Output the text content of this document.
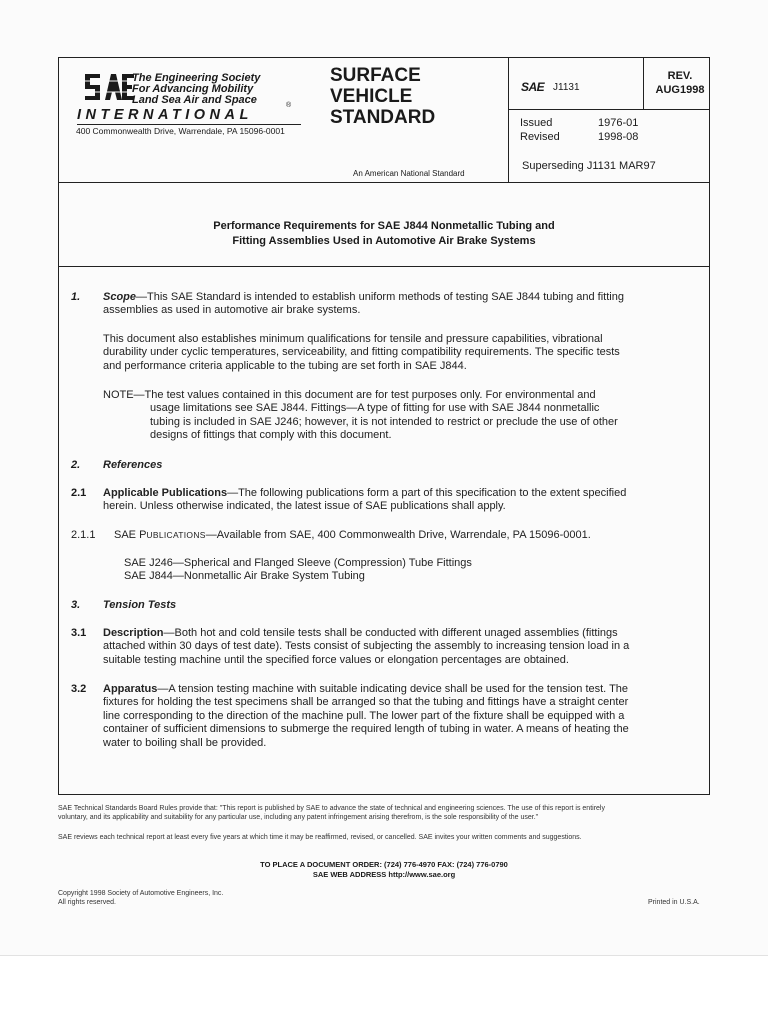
The Engineering Society
For Advancing Mobility
Land Sea Air and Space	®
INTERNATIONAL
400 Commonwealth Drive, Warrendale, PA 15096-0001
SURFACE
VEHICLE
STANDARD
An American National Standard
SAE J1131
REV.
AUG1998
Issued	1976-01
Revised	1998-08
Superseding J1131 MAR97
Performance Requirements for SAE J844 Nonmetallic Tubing and
Fitting Assemblies Used in Automotive Air Brake Systems
1. Scope—This SAE Standard is intended to establish uniform methods of testing SAE J844 tubing and fitting
assemblies as used in automotive air brake systems.
This document also establishes minimum qualifications for tensile and pressure capabilities, vibrational
durability under cyclic temperatures, serviceability, and fitting compatibility requirements. The specific tests
and performance criteria applicable to the tubing are set forth in SAE J844.
NOTE—The test values contained in this document are for test purposes only. For environmental and
usage limitations see SAE J844. Fittings—A type of fitting for use with SAE J844 nonmetallic
tubing is included in SAE J246; however, it is not intended to restrict or preclude the use of other
designs of fittings that comply with this document.
2. References
2.1 Applicable Publications—The following publications form a part of this specification to the extent specified
herein. Unless otherwise indicated, the latest issue of SAE publications shall apply.
2.1.1 SAE PUBLICATIONS—Available from SAE, 400 Commonwealth Drive, Warrendale, PA 15096-0001.
SAE J246—Spherical and Flanged Sleeve (Compression) Tube Fittings
SAE J844—Nonmetallic Air Brake System Tubing
3. Tension Tests
3.1 Description—Both hot and cold tensile tests shall be conducted with different unaged assemblies (fittings
attached within 30 days of test date). Tests consist of subjecting the assembly to increasing tension load in a
suitable testing machine until the specified force values or elongation percentages are obtained.
3.2 Apparatus—A tension testing machine with suitable indicating device shall be used for the tension test. The
fixtures for holding the test specimens shall be arranged so that the tubing and fittings have a straight center
line corresponding to the direction of the machine pull. The lower part of the fixture shall be equipped with a
container of sufficient dimensions to submerge the required length of tubing in water. A means of heating the
water to boiling shall be provided.
SAE Technical Standards Board Rules provide that: "This report is published by SAE to advance the state of technical and engineering sciences. The use of this report is entirely
voluntary, and its applicability and suitability for any particular use, including any patent infringement arising therefrom, is the sole responsibility of the user."
SAE reviews each technical report at least every five years at which time it may be reaffirmed, revised, or cancelled. SAE invites your written comments and suggestions.
TO PLACE A DOCUMENT ORDER: (724) 776-4970 FAX: (724) 776-0790
SAE WEB ADDRESS http://www.sae.org
Copyright 1998 Society of Automotive Engineers, Inc.
All rights reserved.	Printed in U.S.A.
